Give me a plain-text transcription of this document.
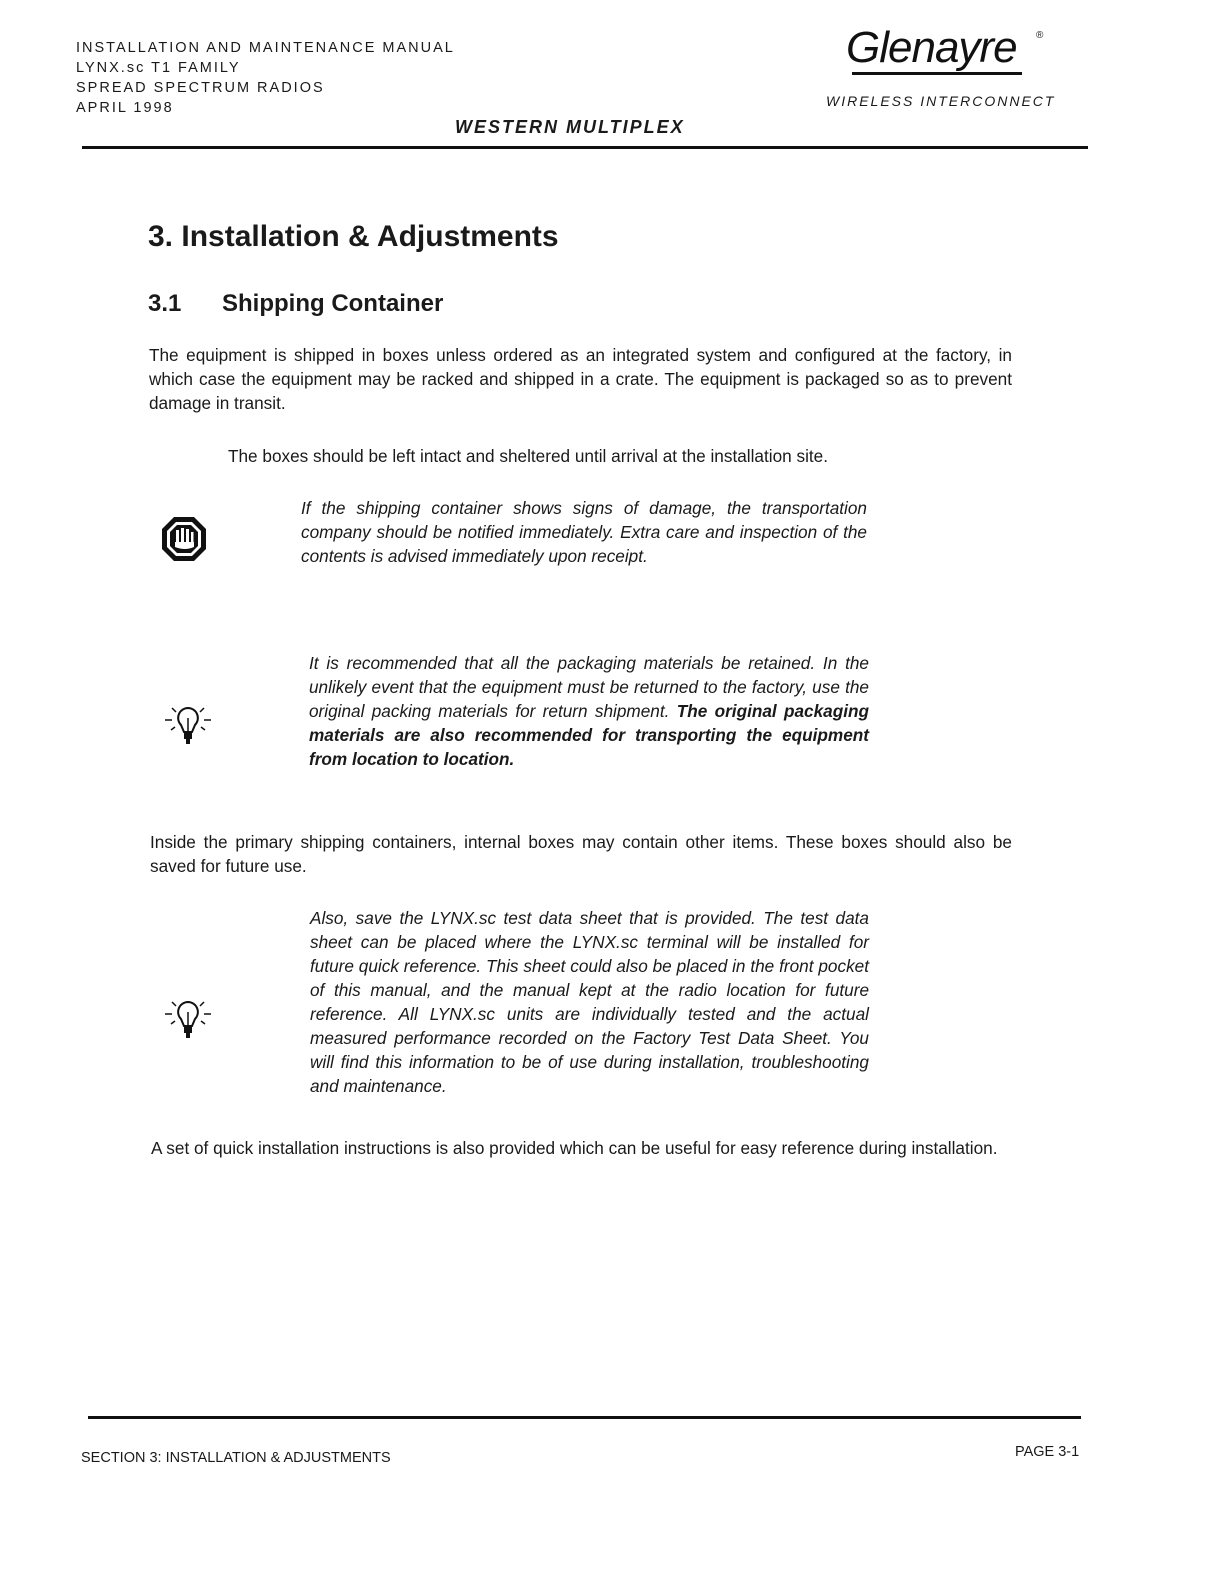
INSTALLATION AND MAINTENANCE MANUAL
LYNX.sc T1 FAMILY
SPREAD SPECTRUM RADIOS
APRIL 1998
Glenayre ®
WIRELESS INTERCONNECT
WESTERN MULTIPLEX
3. Installation & Adjustments
3.1 Shipping Container

The equipment is shipped in boxes unless ordered as an integrated system and configured at the factory, in which case the equipment may be racked and shipped in a crate. The equipment is packaged so as to prevent damage in transit.

The boxes should be left intact and sheltered until arrival at the installation site.

If the shipping container shows signs of damage, the transportation company should be notified immediately. Extra care and inspection of the contents is advised immediately upon receipt.
It is recommended that all the packaging materials be retained. In the unlikely event that the equipment must be returned to the factory, use the original packing materials for return shipment. The original packaging materials are also recommended for transporting the equipment from location to location.

Inside the primary shipping containers, internal boxes may contain other items. These boxes should also be saved for future use.

Also, save the LYNX.sc test data sheet that is provided. The test data sheet can be placed where the LYNX.sc terminal will be installed for future quick reference. This sheet could also be placed in the front pocket of this manual, and the manual kept at the radio location for future reference. All LYNX.sc units are individually tested and the actual measured performance recorded on the Factory Test Data Sheet. You will find this information to be of use during installation, troubleshooting and maintenance.

A set of quick installation instructions is also provided which can be useful for easy reference during installation.

SECTION 3: INSTALLATION & ADJUSTMENTS	PAGE 3-1
